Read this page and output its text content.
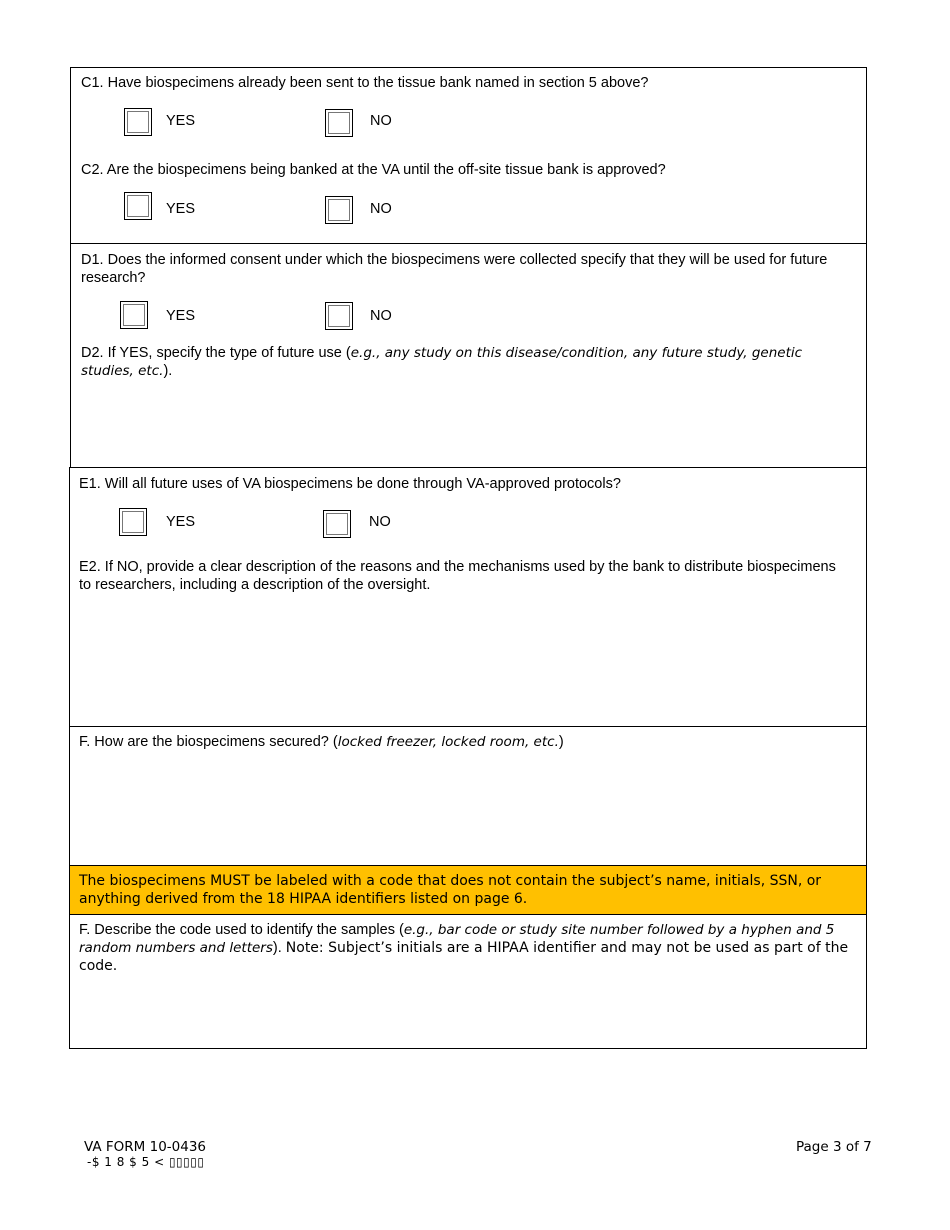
C1. Have biospecimens already been sent to the tissue bank named in section 5 above?

YES	NO

C2. Are the biospecimens being banked at the VA until the off-site tissue bank is approved?

YES	NO

D1. Does the informed consent under which the biospecimens were collected specify that they will be used for future research?

YES	NO

D2. If YES, specify the type of future use (e.g., any study on this disease/condition, any future study, genetic studies, etc.).

E1. Will all future uses of VA biospecimens be done through VA-approved protocols?

YES	NO

E2. If NO, provide a clear description of the reasons and the mechanisms used by the bank to distribute biospecimens to researchers, including a description of the oversight.

F. How are the biospecimens secured? (locked freezer, locked room, etc.)

The biospecimens MUST be labeled with a code that does not contain the subject’s name, initials, SSN, or anything derived from the 18 HIPAA identifiers listed on page 6.

F. Describe the code used to identify the samples (e.g., bar code or study site number followed by a hyphen and 5 random numbers and letters). Note: Subject’s initials are a HIPAA identifier and may not be used as part of the code.

VA FORM 10-0436
-$ 1 8 $ 5 < ▯▯▯▯▯
Page 3 of 7
